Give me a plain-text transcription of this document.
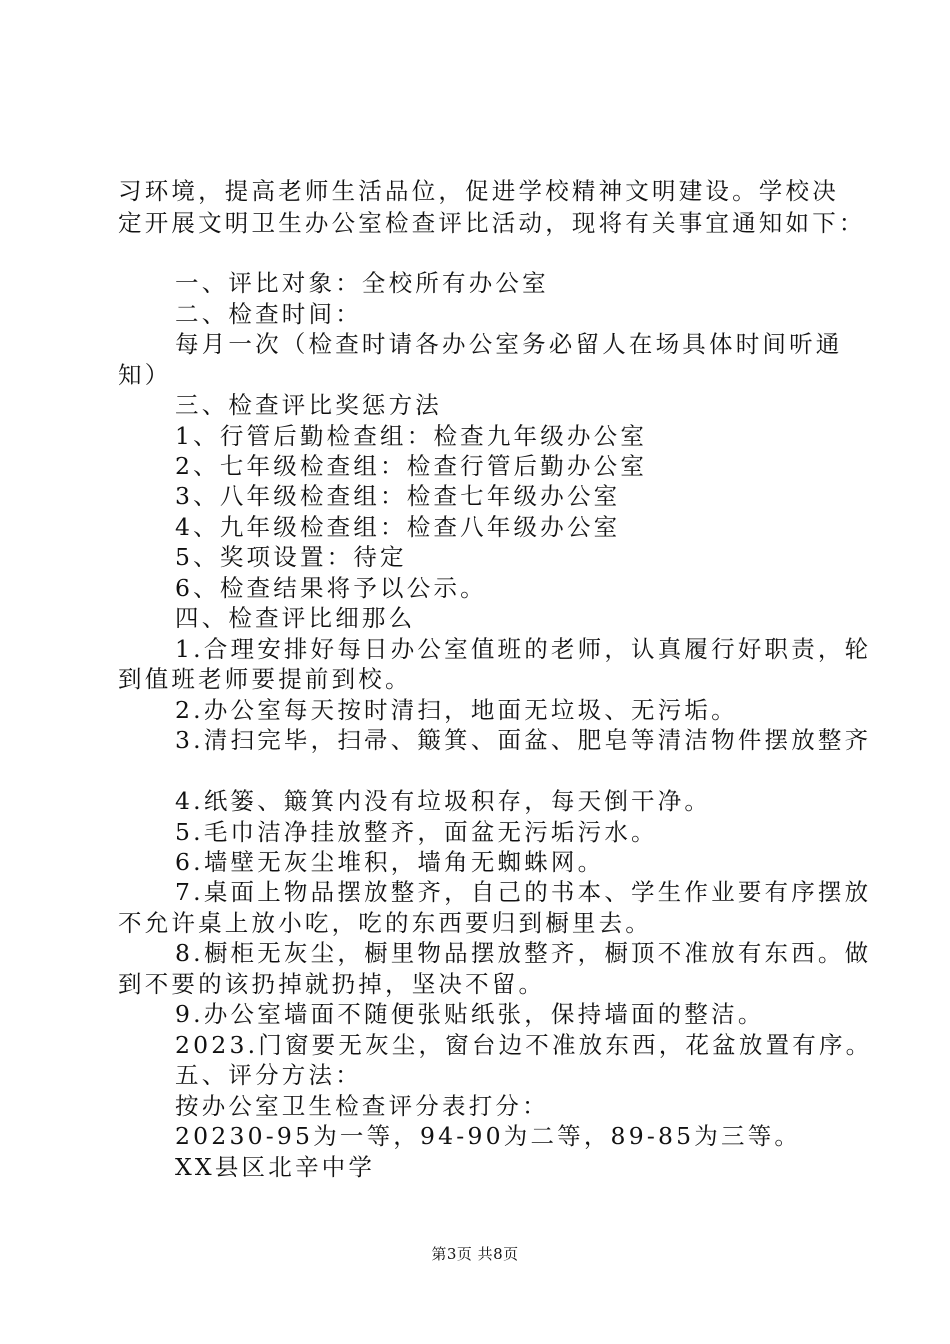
习环境，提高老师生活品位，促进学校精神文明建设。学校决
定开展文明卫生办公室检查评比活动，现将有关事宜通知如下：
一、评比对象：全校所有办公室
二、检查时间：
每月一次（检查时请各办公室务必留人在场具体时间听通
知）
三、检查评比奖惩方法
1、行管后勤检查组：检查九年级办公室
2、七年级检查组：检查行管后勤办公室
3、八年级检查组：检查七年级办公室
4、九年级检查组：检查八年级办公室
5、奖项设置：待定
6、检查结果将予以公示。
四、检查评比细那么
1.合理安排好每日办公室值班的老师，认真履行好职责，轮
到值班老师要提前到校。
2.办公室每天按时清扫，地面无垃圾、无污垢。
3.清扫完毕，扫帚、簸箕、面盆、肥皂等清洁物件摆放整齐
4.纸篓、簸箕内没有垃圾积存，每天倒干净。
5.毛巾洁净挂放整齐，面盆无污垢污水。
6.墙壁无灰尘堆积，墙角无蜘蛛网。
7.桌面上物品摆放整齐，自己的书本、学生作业要有序摆放
不允许桌上放小吃，吃的东西要归到橱里去。
8.橱柜无灰尘，橱里物品摆放整齐，橱顶不准放有东西。做
到不要的该扔掉就扔掉，坚决不留。
9.办公室墙面不随便张贴纸张，保持墙面的整洁。
2023.门窗要无灰尘，窗台边不准放东西，花盆放置有序。
五、评分方法：
按办公室卫生检查评分表打分：
20230-95为一等，94-90为二等，89-85为三等。
XX县区北辛中学
第3页 共8页
